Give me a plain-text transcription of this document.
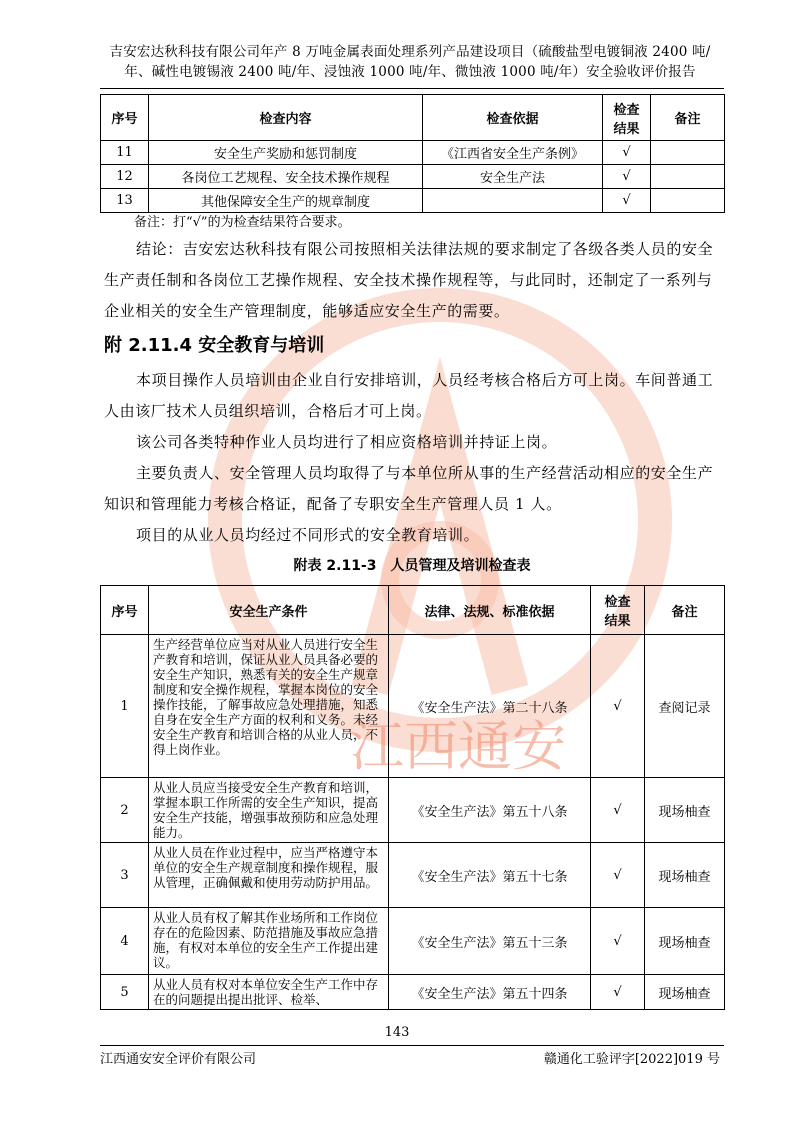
江西通安
吉安宏达秋科技有限公司年产 8 万吨金属表面处理系列产品建设项目（硫酸盐型电镀铜液 2400 吨/
年、碱性电镀锡液 2400 吨/年、浸蚀液 1000 吨/年、微蚀液 1000 吨/年）安全验收评价报告
序号	检查内容	检查依据	检查结果	备注
11	安全生产奖励和惩罚制度	《江西省安全生产条例》	√	
12	各岗位工艺规程、安全技术操作规程	安全生产法	√	
13	其他保障安全生产的规章制度		√	
备注：打“√”的为检查结果符合要求。
结论：吉安宏达秋科技有限公司按照相关法律法规的要求制定了各级各类人员的安全生产责任制和各岗位工艺操作规程、安全技术操作规程等，与此同时，还制定了一系列与企业相关的安全生产管理制度，能够适应安全生产的需要。
附 2.11.4 安全教育与培训
本项目操作人员培训由企业自行安排培训，人员经考核合格后方可上岗。车间普通工人由该厂技术人员组织培训，合格后才可上岗。
该公司各类特种作业人员均进行了相应资格培训并持证上岗。
主要负责人、安全管理人员均取得了与本单位所从事的生产经营活动相应的安全生产知识和管理能力考核合格证，配备了专职安全生产管理人员 1 人。
项目的从业人员均经过不同形式的安全教育培训。
附表 2.11-3　人员管理及培训检查表
序号	安全生产条件	法律、法规、标准依据	检查结果	备注
1	生产经营单位应当对从业人员进行安全生产教育和培训，保证从业人员具备必要的安全生产知识，熟悉有关的安全生产规章制度和安全操作规程，掌握本岗位的安全操作技能，了解事故应急处理措施，知悉自身在安全生产方面的权利和义务。未经安全生产教育和培训合格的从业人员，不得上岗作业。	《安全生产法》第二十八条	√	查阅记录
2	从业人员应当接受安全生产教育和培训，掌握本职工作所需的安全生产知识，提高安全生产技能，增强事故预防和应急处理能力。	《安全生产法》第五十八条	√	现场柚查
3	从业人员在作业过程中，应当严格遵守本单位的安全生产规章制度和操作规程，服从管理，正确佩戴和使用劳动防护用品。	《安全生产法》第五十七条	√	现场柚查
4	从业人员有权了解其作业场所和工作岗位存在的危险因素、防范措施及事故应急措施，有权对本单位的安全生产工作提出建议。	《安全生产法》第五十三条	√	现场柚查
5	从业人员有权对本单位安全生产工作中存在的问题提出提出批评、检举、	《安全生产法》第五十四条	√	现场柚查
143
江西通安安全评价有限公司	赣通化工验评字[2022]019 号
